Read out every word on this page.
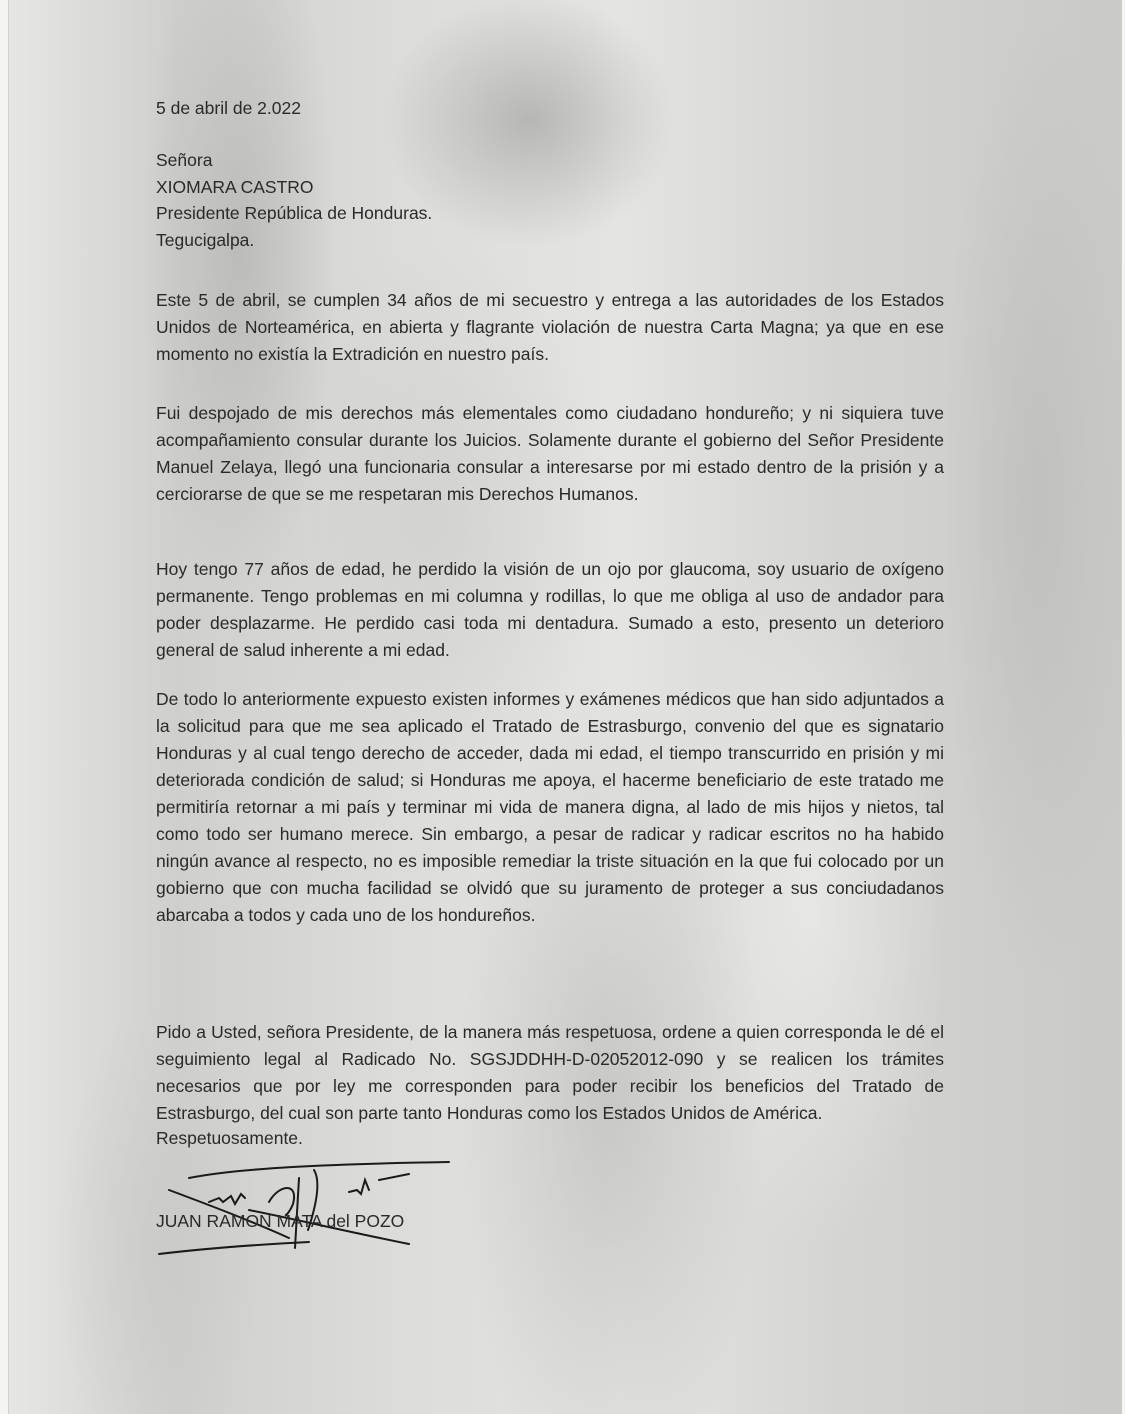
5 de abril de 2.022
Señora
XIOMARA CASTRO
Presidente República de Honduras.
Tegucigalpa.
Este 5 de abril, se cumplen 34 años de mi secuestro y entrega a las autoridades de los Estados Unidos de Norteamérica, en abierta y flagrante violación de nuestra Carta Magna; ya que en ese momento no existía la Extradición en nuestro país.
Fui despojado de mis derechos más elementales como ciudadano hondureño; y ni siquiera tuve acompañamiento consular durante los Juicios. Solamente durante el gobierno del Señor Presidente Manuel Zelaya, llegó una funcionaria consular a interesarse por mi estado dentro de la prisión y a cerciorarse de que se me respetaran mis Derechos Humanos.
Hoy tengo 77 años de edad, he perdido la visión de un ojo por glaucoma, soy usuario de oxígeno permanente. Tengo problemas en mi columna y rodillas, lo que me obliga al uso de andador para poder desplazarme. He perdido casi toda mi dentadura. Sumado a esto, presento un deterioro general de salud inherente a mi edad.
De todo lo anteriormente expuesto existen informes y exámenes médicos que han sido adjuntados a la solicitud para que me sea aplicado el Tratado de Estrasburgo, convenio del que es signatario Honduras y al cual tengo derecho de acceder, dada mi edad, el tiempo transcurrido en prisión y mi deteriorada condición de salud; si Honduras me apoya, el hacerme beneficiario de este tratado me permitiría retornar a mi país y terminar mi vida de manera digna, al lado de mis hijos y nietos, tal como todo ser humano merece. Sin embargo, a pesar de radicar y radicar escritos no ha habido ningún avance al respecto, no es imposible remediar la triste situación en la que fui colocado por un gobierno que con mucha facilidad se olvidó que su juramento de proteger a sus conciudadanos abarcaba a todos y cada uno de los hondureños.
Pido a Usted, señora Presidente, de la manera más respetuosa, ordene a quien corresponda le dé el seguimiento legal al Radicado No. SGSJDDHH-D-02052012-090 y se realicen los trámites necesarios que por ley me corresponden para poder recibir los beneficios del Tratado de Estrasburgo, del cual son parte tanto Honduras como los Estados Unidos de América.
Respetuosamente.
JUAN RAMON MATA del POZO
